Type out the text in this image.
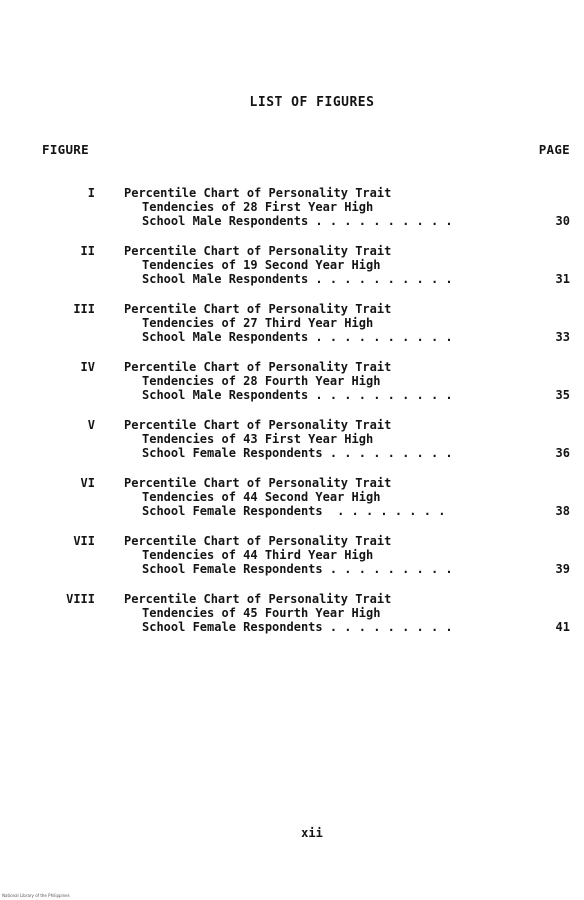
LIST OF FIGURES
FIGURE	PAGE
I Percentile Chart of Personality Trait
Tendencies of 28 First Year High
School Male Respondents . . . . . . . . . .	30
II Percentile Chart of Personality Trait
Tendencies of 19 Second Year High
School Male Respondents . . . . . . . . . .	31
III Percentile Chart of Personality Trait
Tendencies of 27 Third Year High
School Male Respondents . . . . . . . . . .	33
IV Percentile Chart of Personality Trait
Tendencies of 28 Fourth Year High
School Male Respondents . . . . . . . . . .	35
V Percentile Chart of Personality Trait
Tendencies of 43 First Year High
School Female Respondents . . . . . . . . .	36
VI Percentile Chart of Personality Trait
Tendencies of 44 Second Year High
School Female Respondents  . . . . . . . .	38
VII Percentile Chart of Personality Trait
Tendencies of 44 Third Year High
School Female Respondents . . . . . . . . .	39
VIII Percentile Chart of Personality Trait
Tendencies of 45 Fourth Year High
School Female Respondents . . . . . . . . .	41
xii
National Library of the Philippines
